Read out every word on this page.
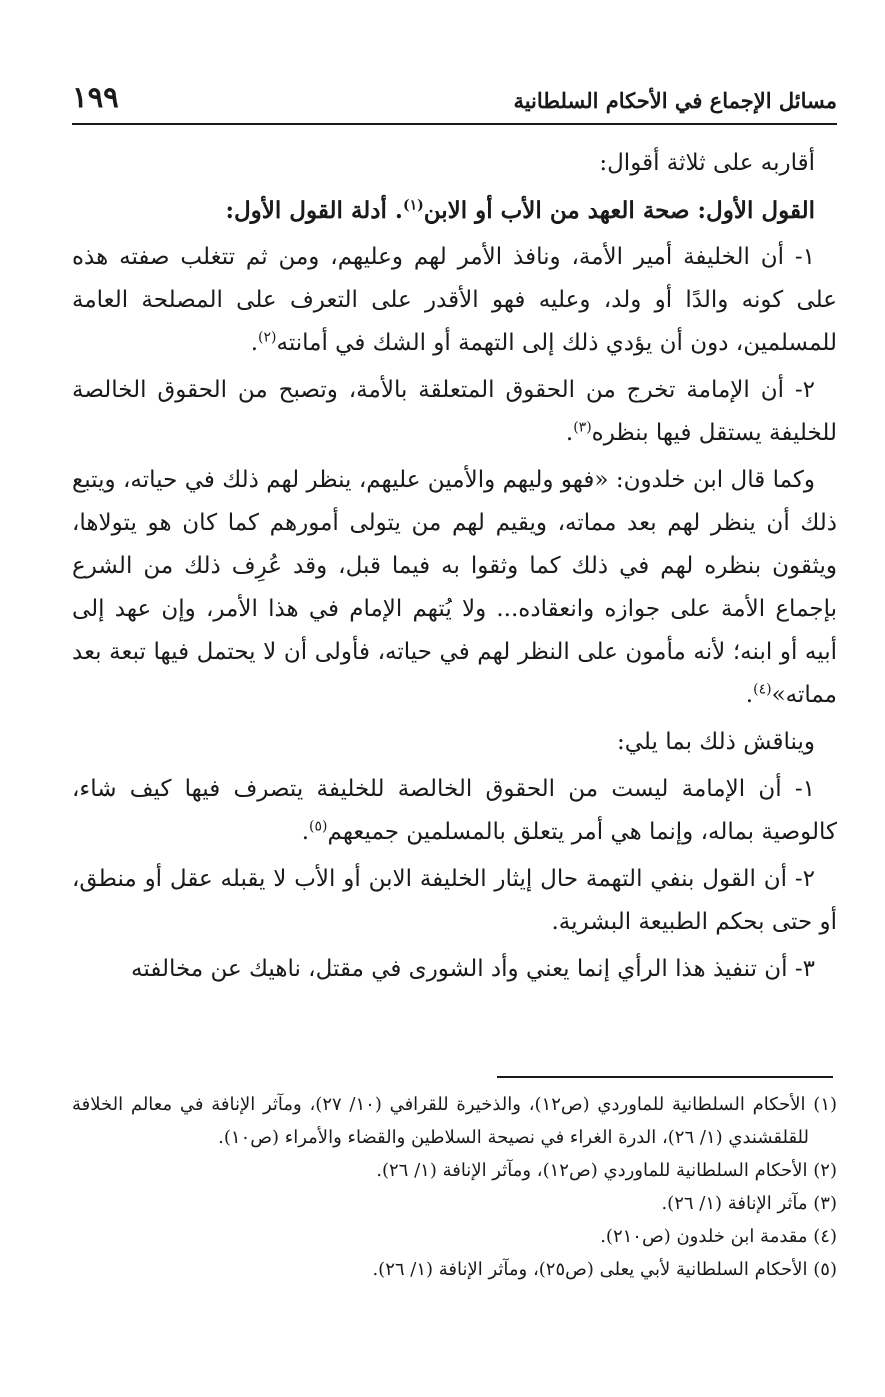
مسائل الإجماع في الأحكام السلطانية
١٩٩

أقاربه على ثلاثة أقوال:

القول الأول: صحة العهد من الأب أو الابن$^{(١)}$. أدلة القول الأول:

١- أن الخليفة أمير الأمة، ونافذ الأمر لهم وعليهم، ومن ثم تتغلب صفته هذه على كونه والدًا أو ولد، وعليه فهو الأقدر على التعرف على المصلحة العامة للمسلمين، دون أن يؤدي ذلك إلى التهمة أو الشك في أمانته$^{(٢)}$.

٢- أن الإمامة تخرج من الحقوق المتعلقة بالأمة، وتصبح من الحقوق الخالصة للخليفة يستقل فيها بنظره$^{(٣)}$.

وكما قال ابن خلدون: «فهو وليهم والأمين عليهم، ينظر لهم ذلك في حياته، ويتبع ذلك أن ينظر لهم بعد مماته، ويقيم لهم من يتولى أمورهم كما كان هو يتولاها، ويثقون بنظره لهم في ذلك كما وثقوا به فيما قبل، وقد عُرِف ذلك من الشرع بإجماع الأمة على جوازه وانعقاده... ولا يُتهم الإمام في هذا الأمر، وإن عهد إلى أبيه أو ابنه؛ لأنه مأمون على النظر لهم في حياته، فأولى أن لا يحتمل فيها تبعة بعد مماته»$^{(٤)}$.

ويناقش ذلك بما يلي:

١- أن الإمامة ليست من الحقوق الخالصة للخليفة يتصرف فيها كيف شاء، كالوصية بماله، وإنما هي أمر يتعلق بالمسلمين جميعهم$^{(٥)}$.

٢- أن القول بنفي التهمة حال إيثار الخليفة الابن أو الأب لا يقبله عقل أو منطق، أو حتى بحكم الطبيعة البشرية.

٣- أن تنفيذ هذا الرأي إنما يعني وأد الشورى في مقتل، ناهيك عن مخالفته

(١) الأحكام السلطانية للماوردي (ص١٢)، والذخيرة للقرافي (١٠/ ٢٧)، ومآثر الإنافة في معالم الخلافة للقلقشندي (١/ ٢٦)، الدرة الغراء في نصيحة السلاطين والقضاء والأمراء (ص١٠).

(٢) الأحكام السلطانية للماوردي (ص١٢)، ومآثر الإنافة (١/ ٢٦).

(٣) مآثر الإنافة (١/ ٢٦).

(٤) مقدمة ابن خلدون (ص٢١٠).

(٥) الأحكام السلطانية لأبي يعلى (ص٢٥)، ومآثر الإنافة (١/ ٢٦).
